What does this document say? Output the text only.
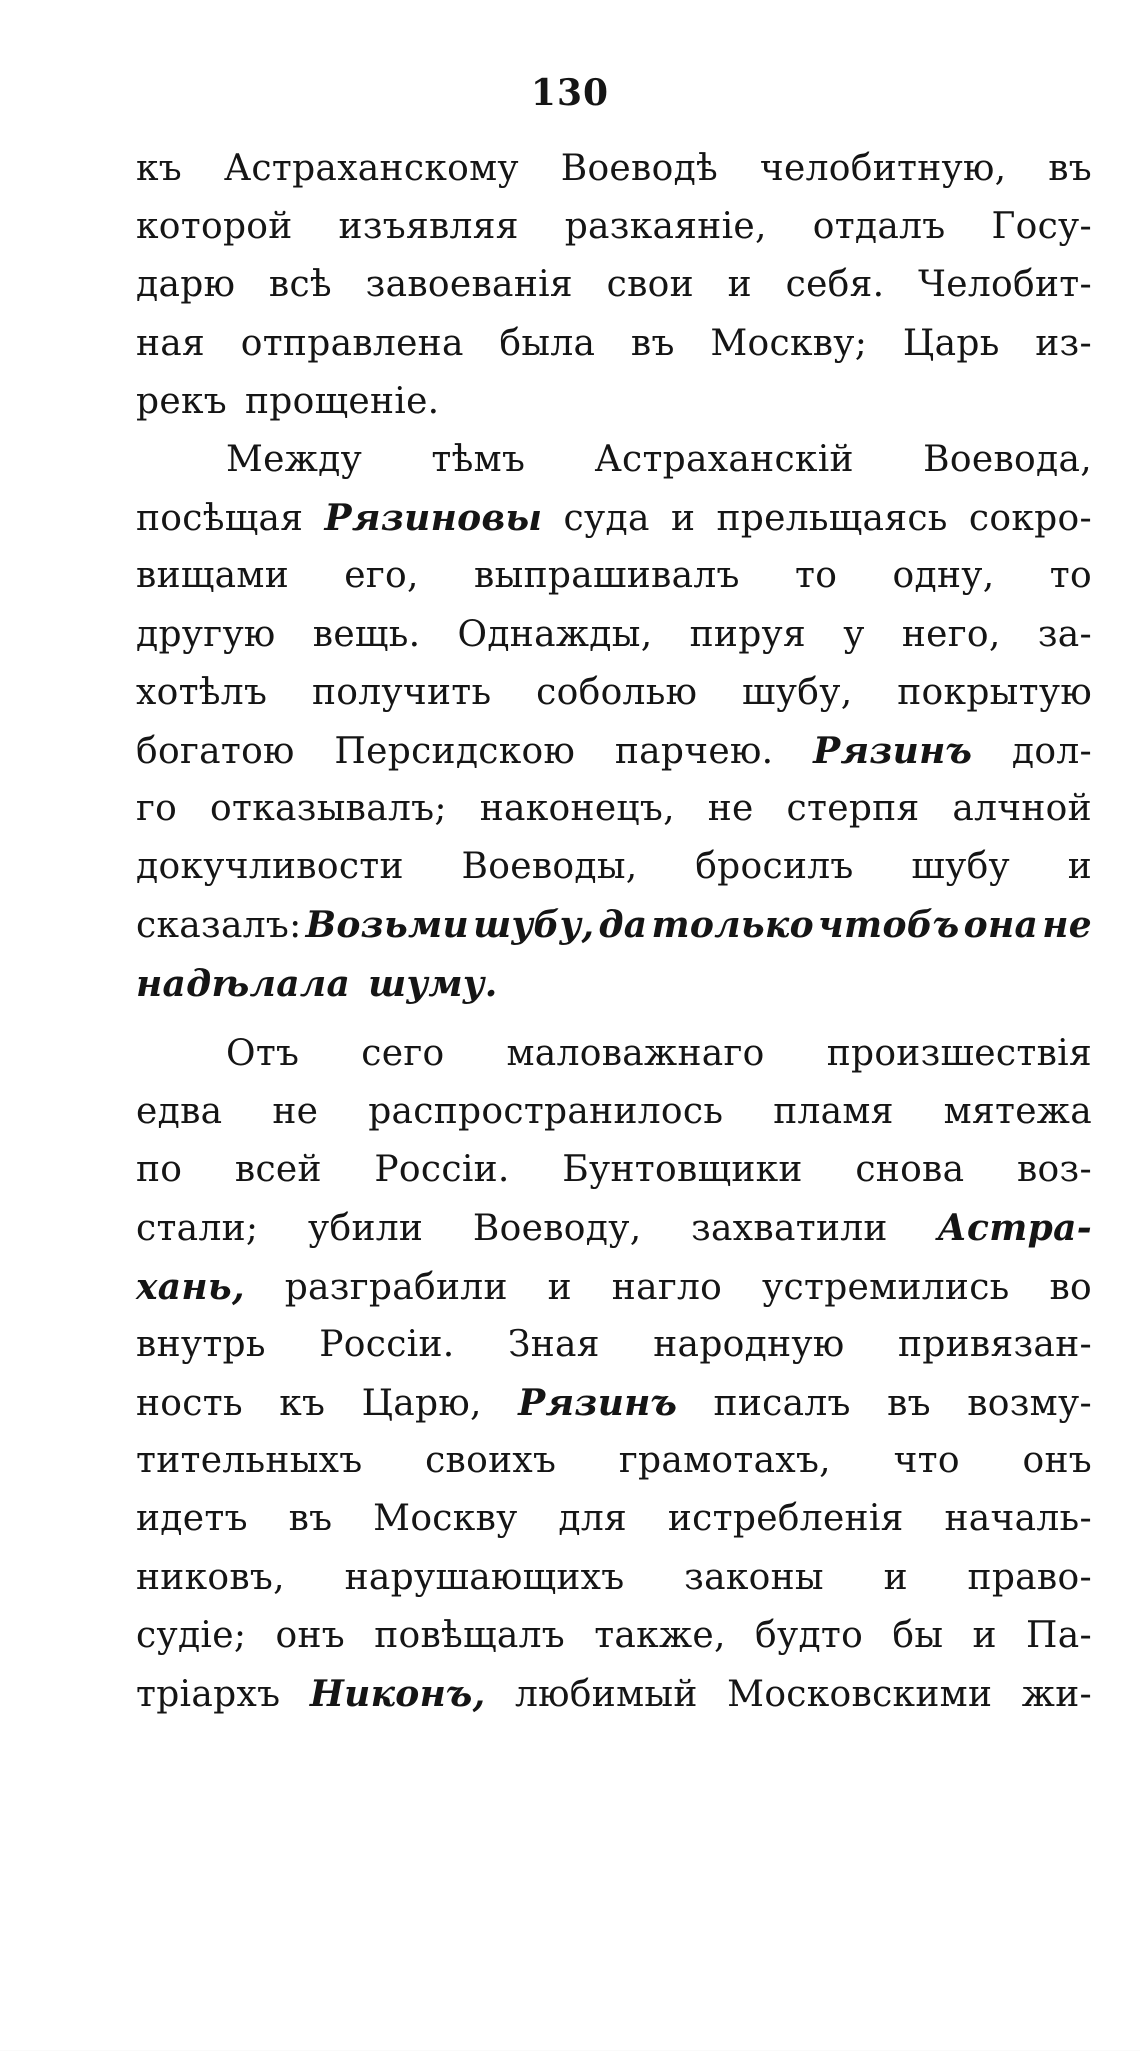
130
къ Астраханскому Воеводѣ челобитную, въ
которой изъявляя разкаяніе, отдалъ Госу-
дарю всѣ завоеванія свои и себя. Челобит-
ная отправлена была въ Москву; Царь из-
рекъ прощеніе.
Между тѣмъ Астраханскій Воевода,
посѣщая Рязиновы суда и прельщаясь сокро-
вищами его, выпрашивалъ то одну, то
другую вещь. Однажды, пируя у него, за-
хотѣлъ получить соболью шубу, покрытую
богатою Персидскою парчею. Рязинъ дол-
го отказывалъ; наконецъ, не стерпя алчной
докучливости Воеводы, бросилъ шубу и
сказалъ: Возьми шубу, да только чтобъ она не
надѣлала шуму.
Отъ сего маловажнаго произшествія
едва не распространилось пламя мятежа
по всей Россіи. Бунтовщики снова воз-
стали; убили Воеводу, захватили Астра-
хань, разграбили и нагло устремились во
внутрь Россіи. Зная народную привязан-
ность къ Царю, Рязинъ писалъ въ возму-
тительныхъ своихъ грамотахъ, что онъ
идетъ въ Москву для истребленія началь-
никовъ, нарушающихъ законы и право-
судіе; онъ повѣщалъ также, будто бы и Па-
тріархъ Никонъ, любимый Московскими жи-
